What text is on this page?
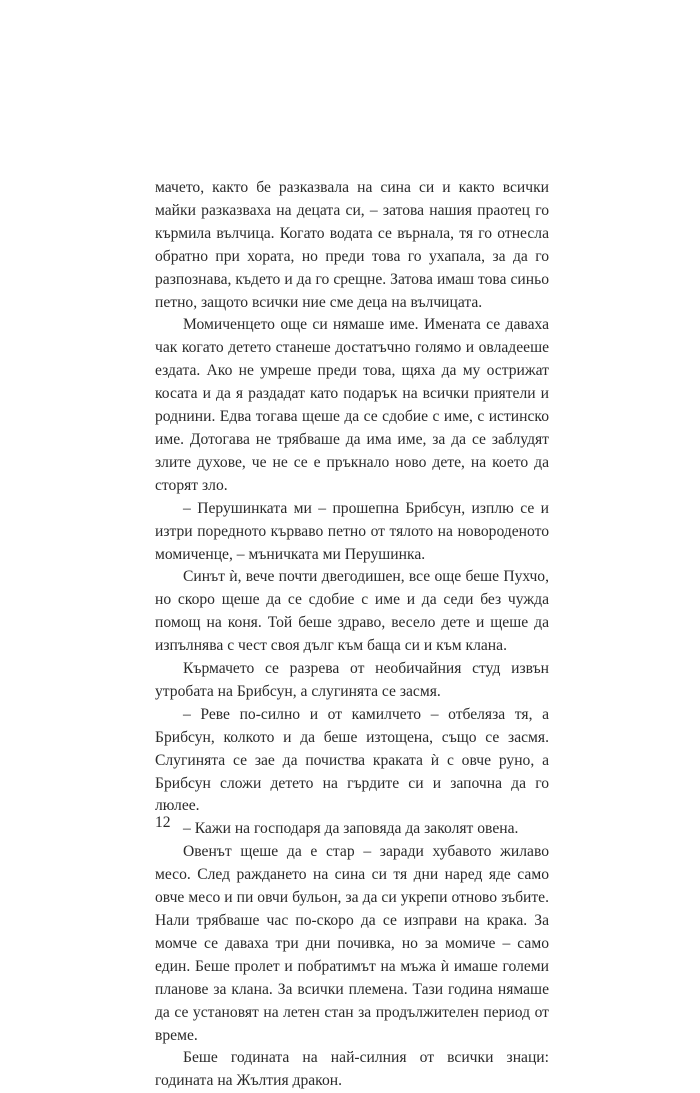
мачето, както бе разказвала на сина си и както всички майки разказваха на децата си, – затова нашия праотец го кърмила вълчица. Когато водата се върнала, тя го отнесла обратно при хората, но преди това го ухапала, за да го разпознава, където и да го срещне. Затова имаш това синьо петно, защото всички ние сме деца на вълчицата.

Момиченцето още си нямаше име. Имената се даваха чак когато детето станеше достатъчно голямо и овладееше ездата. Ако не умреше преди това, щяха да му острижат косата и да я раздадат като подарък на всички приятели и роднини. Едва тогава щеше да се сдобие с име, с истинско име. Дотогава не трябваше да има име, за да се заблудят злите духове, че не се е пръкнало ново дете, на което да сторят зло.

– Перушинката ми – прошепна Брибсун, изплю се и изтри поредното кърваво петно от тялото на новороденото момиченце, – мъничката ми Перушинка.

Синът ѝ, вече почти двегодишен, все още беше Пухчо, но скоро щеше да се сдобие с име и да седи без чужда помощ на коня. Той беше здраво, весело дете и щеше да изпълнява с чест своя дълг към баща си и към клана.

Кърмачето се разрева от необичайния студ извън утробата на Брибсун, а слугинята се засмя.

– Реве по-силно и от камилчето – отбеляза тя, а Брибсун, колкото и да беше изтощена, също се засмя. Слугинята се зае да почиства краката ѝ с овче руно, а Брибсун сложи детето на гърдите си и започна да го люлее.

– Кажи на господаря да заповяда да заколят овена.

Овенът щеше да е стар – заради хубавото жилаво месо. След раждането на сина си тя дни наред яде само овче месо и пи овчи бульон, за да си укрепи отново зъбите. Нали трябваше час по-скоро да се изправи на крака. За момче се даваха три дни почивка, но за момиче – само един. Беше пролет и побратимът на мъжа ѝ имаше големи планове за клана. За всички племена. Тази година нямаше да се установят на летен стан за продължителен период от време.

Беше годината на най-силния от всички знаци: годината на Жълтия дракон.

12
